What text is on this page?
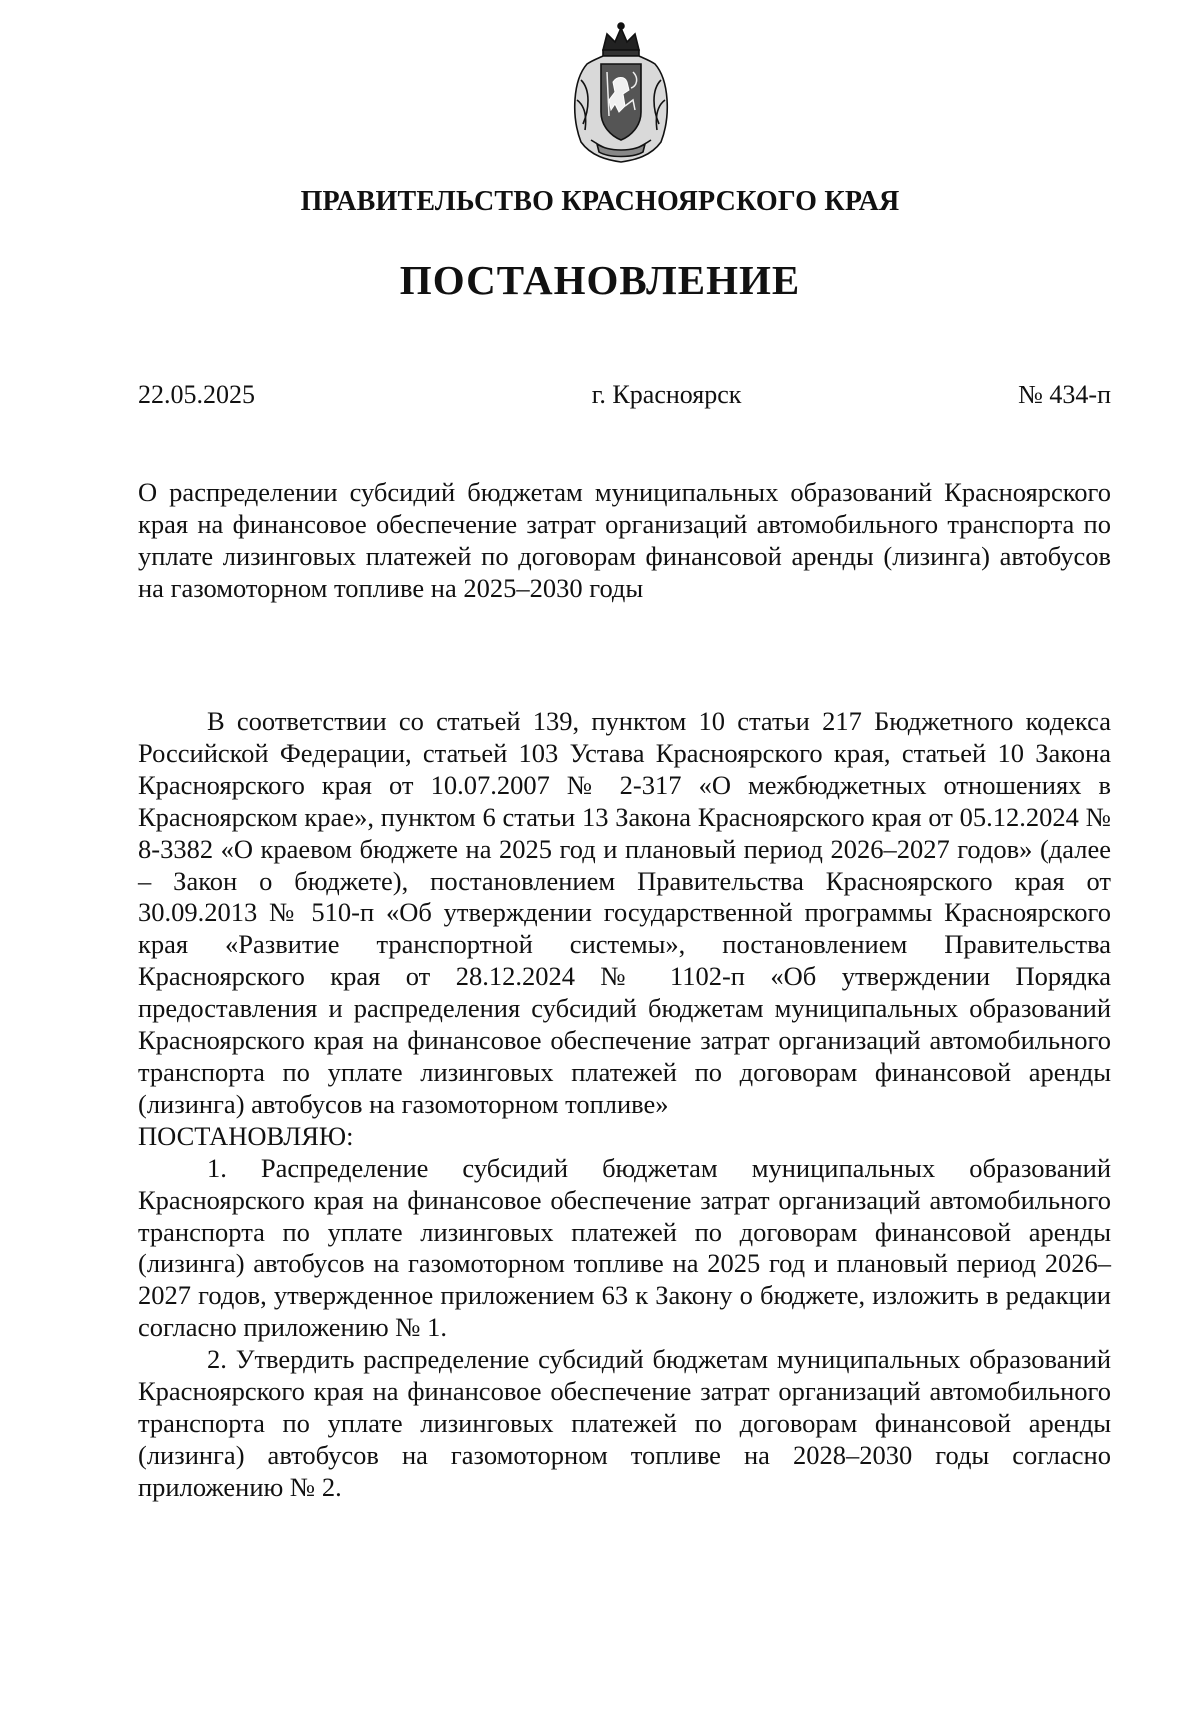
ПРАВИТЕЛЬСТВО КРАСНОЯРСКОГО КРАЯ
ПОСТАНОВЛЕНИЕ
22.05.2025	г. Красноярск	№ 434-п

О распределении субсидий бюджетам муниципальных образований Красноярского края на финансовое обеспечение затрат организаций автомобильного транспорта по уплате лизинговых платежей по договорам финансовой аренды (лизинга) автобусов на газомоторном топливе на 2025–2030 годы

В соответствии со статьей 139, пунктом 10 статьи 217 Бюджетного кодекса Российской Федерации, статьей 103 Устава Красноярского края, статьей 10 Закона Красноярского края от 10.07.2007 № 2-317 «О межбюджетных отношениях в Красноярском крае», пунктом 6 статьи 13 Закона Красноярского края от 05.12.2024 № 8-3382 «О краевом бюджете на 2025 год и плановый период 2026–2027 годов» (далее – Закон о бюджете), постановлением Правительства Красноярского края от 30.09.2013 № 510-п «Об утверждении государственной программы Красноярского края «Развитие транспортной системы», постановлением Правительства Красноярского края от 28.12.2024 № 1102-п «Об утверждении Порядка предоставления и распределения субсидий бюджетам муниципальных образований Красноярского края на финансовое обеспечение затрат организаций автомобильного транспорта по уплате лизинговых платежей по договорам финансовой аренды (лизинга) автобусов на газомоторном топливе»

ПОСТАНОВЛЯЮ:

1. Распределение субсидий бюджетам муниципальных образований Красноярского края на финансовое обеспечение затрат организаций автомобильного транспорта по уплате лизинговых платежей по договорам финансовой аренды (лизинга) автобусов на газомоторном топливе на 2025 год и плановый период 2026–2027 годов, утвержденное приложением 63 к Закону о бюджете, изложить в редакции согласно приложению № 1.

2. Утвердить распределение субсидий бюджетам муниципальных образований Красноярского края на финансовое обеспечение затрат организаций автомобильного транспорта по уплате лизинговых платежей по договорам финансовой аренды (лизинга) автобусов на газомоторном топливе на 2028–2030 годы согласно приложению № 2.
